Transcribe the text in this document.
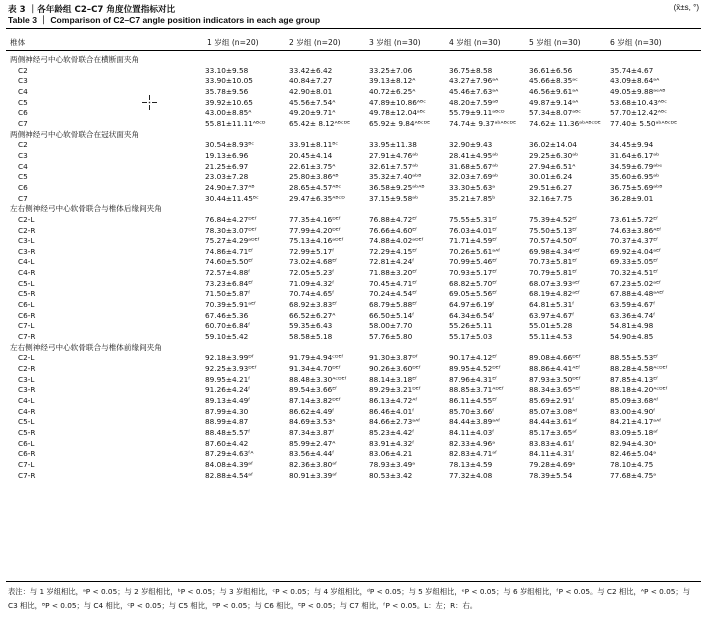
表 3 ｜各年龄组 C2–C7 角度位置指标对比
Table 3 ｜ Comparison of C2–C7 angle position indicators in each age group
(x̄±s, °)
椎体	1 岁组 (n=20)	2 岁组 (n=20)	3 岁组 (n=30)	4 岁组 (n=30)	5 岁组 (n=30)	6 岁组 (n=30)
两侧神经弓中心软骨联合在横断面夹角
C2	33.10±9.58	33.42±6.42	33.25±7.06	36.75±8.58	36.61±6.56	35.74±4.67
C3	33.90±10.05	40.84±7.27	39.13±8.12ᴬ	43.27±7.96ᵃᴬ	45.66±8.35ᵃᶜ	43.09±8.64ᵃᴬ
C4	35.78±9.56	42.90±8.01	40.72±6.25ᴬ	45.46±7.63ᵃᴬ	46.56±9.61ᵃᴬ	49.05±9.88ᵃᵉᴬᴮ
C5	39.92±10.65	45.56±7.54ᴬ	47.89±10.86ᴬᴮᶜ	48.20±7.59ᵃᴮ	49.87±9.14ᵃᴬ	53.68±10.43ᴬᴮᶜ
C6	43.00±8.85ᴬ	49.20±9.71ᴬ	49.78±12.04ᵃᴮᶜ	55.79±9.11ᵃᴮᶜᴰ	57.34±8.07ᵃᴮᶜ	57.70±12.42ᴬᴮᶜ
C7	55.81±11.11ᴬᴮᶜᴰ	65.42± 8.12ᴬᴮᶜᴰᴱ	65.92± 9.84ᴬᴮᶜᴰᴱ	74.74± 9.37ᵃᵇᴬᴮᶜᴰᴱ 74.62± 11.36ᵃᵇᴬᴮᶜᴰᴱ 77.40± 5.50ᵃᵇᴬᴮᶜᴰᴱ
两侧神经弓中心软骨联合在冠状面夹角
C2	30.54±8.93ᴮᶜ	33.91±8.11ᴮᶜ	33.95±11.38	32.90±9.43	36.02±14.04	34.45±9.94
C3	19.13±6.96	20.45±4.14	27.91±4.76ᵃᵇ	28.41±4.95ᵃᵇ	29.25±6.30ᵃᵇ	31.64±6.17ᵃᵇ
C4	21.25±6.97	22.61±3.75ᴬ	32.61±7.57ᵃᵇ	31.68±5.67ᵃᵇ	27.94±6.51ᴬ	34.59±6.79ᵃᵇᵉ
C5	23.03±7.28	25.80±3.86ᴬᴮ	35.32±7.40ᵃᵇᴮ	32.03±7.69ᵃᵇ	30.01±6.24	35.60±6.95ᵃᵇ
C6	24.90±7.37ᴬᴮ	28.65±4.57ᴬᴮᶜ	36.58±9.25ᵃᵇᴬᴮ	33.30±5.63ᵃ	29.51±6.27	36.75±5.69ᵃᵇᴮ
C7	30.44±11.45ᴮᶜ	29.47±6.35ᴬᴮᶜᴰ	37.15±9.58ᵃᵇ	35.21±7.85ᵇ	32.16±7.75	36.28±9.01
左右侧神经弓中心软骨联合与椎体后缘间夹角
C2-L	76.84±4.27ᴰᴱᶠ	77.35±4.16ᴰᴱᶠ	76.88±4.72ᴱᶠ	75.55±5.31ᴱᶠ	75.39±4.52ᴱᶠ	73.61±5.72ᴱᶠ
C2-R	78.30±3.07ᴰᴱᶠ	77.99±4.20ᴰᴱᶠ	76.66±4.60ᴱᶠ	76.03±4.01ᴱᶠ	75.50±5.13ᴱᶠ	74.63±3.86ᴬᴱᶠ
C3-L	75.27±4.29ᵃᴰᴱᶠ	75.13±4.16ᵃᴰᴱᶠ	74.88±4.02ᵃᴰᴱᶠ	71.71±4.59ᴱᶠ	70.57±4.50ᴱᶠ	70.37±4.37ᴱᶠ
C3-R	74.86±4.71ᴱᶠ	72.99±5.17ᶠ	72.29±4.15ᴱᶠ	70.26±5.61ᵃᴬᶠ	69.98±4.34ᵃᴱᶠ	69.92±4.04ᵃᴱᶠ
C4-L	74.60±5.50ᴱᶠ	73.02±4.68ᴱᶠ	72.81±4.24ᶠ	70.99±5.46ᴱᶠ	70.73±5.81ᴱᶠ	69.33±5.05ᴱᶠ
C4-R	72.57±4.88ᶠ	72.05±5.23ᶠ	71.88±3.20ᴱᶠ	70.93±5.17ᴱᶠ	70.79±5.81ᴱᶠ	70.32±4.51ᴱᶠ
C5-L	73.23±6.84ᴱᶠ	71.09±4.32ᶠ	70.45±4.71ᴱᶠ	68.82±5.70ᴱᶠ	68.07±3.93ᵃᴱᶠ	67.23±5.02ᵃᴱᶠ
C5-R	71.50±5.87ᶠ	70.74±4.65ᶠ	70.24±4.54ᴱᶠ	69.05±5.56ᴱᶠ	68.19±4.82ᵃᴱᶠ	67.88±4.48ᵃᴬᴱᶠ
C6-L	70.39±5.91ᵃᴱᶠ	68.92±3.83ᴱᶠ	68.79±5.88ᴱᶠ	64.97±6.19ᶠ	64.81±5.31ᶠ	63.59±4.67ᶠ
C6-R	67.46±5.36	66.52±6.27ᴬ	66.50±5.14ᶠ	64.34±6.54ᶠ	63.97±4.67ᶠ	63.36±4.74ᶠ
C7-L	60.70±6.84ᶠ	59.35±6.43	58.00±7.70	55.26±5.11	55.01±5.28	54.81±4.98
C7-R	59.10±5.42	58.58±5.18	57.76±5.80	55.17±5.03	55.11±4.53	54.90±4.85
左右侧神经弓中心软骨联合与椎体前缘间夹角
C2-L	92.18±3.99ᴰᶠ	91.79±4.94ᶜᴰᴱᶠ	91.30±3.87ᴰᶠ	90.17±4.12ᴱᶠ	89.08±4.66ᴰᴱᶠ	88.55±5.53ᴱᶠ
C2-R	92.25±3.93ᴰᴱᶠ	91.34±4.70ᴰᴱᶠ	90.26±3.60ᴰᴱᶠ	89.95±4.52ᴰᴱᶠ	88.86±4.41ᴬᴱᶠ	88.28±4.58ᴬᶜᴰᴱᶠ
C3-L	89.95±4.21ᶠ	88.48±3.30ᴬᶜᴰᴱᶠ	88.14±3.18ᴱᶠ	87.96±4.31ᴱᶠ	87.93±3.50ᴰᴱᶠ	87.85±4.13ᴱᶠ
C3-R	91.26±4.24ᶠ	89.54±3.66ᴱᶠ	89.29±3.21ᴰᴱᶠ	88.85±3.71ᴬᴰᴱᶠ	88.34±3.65ᴬᴱᶠ	88.18±4.20ᴬᶜᴰᴱᶠ
C4-L	89.13±4.49ᶠ	87.14±3.82ᴰᴱᶠ	86.13±4.72ᴬᶠ	86.11±4.55ᴱᶠ	85.69±2.91ᶠ	85.09±3.68ᴬᶠ
C4-R	87.99±4.30	86.62±4.49ᶠ	86.46±4.01ᶠ	85.70±3.66ᶠ	85.07±3.08ᴬᶠ	83.00±4.90ᶠ
C5-L	88.99±4.87	84.69±3.53ᴬ	84.66±2.73ᵃᴬᶠ	84.44±3.89ᵃᴬᶠ	84.44±3.61ᵃᶠ	84.21±4.17ᵃᴬᶠ
C5-R	88.48±5.57ᶠ	87.34±3.87ᶠ	85.23±4.42ᶠ	84.11±4.03ᶠ	85.17±3.65ᵃᶠ	83.09±5.18ᵃᶠ
C6-L	87.60±4.42	85.99±2.47ᴬ	83.91±4.32ᶠ	82.33±4.96ᵃ	83.83±4.61ᶠ	82.94±4.30ᵃ
C6-R	87.29±4.63ᶠᴬ	83.56±4.44ᶠ	83.06±4.21	82.83±4.71ᵃᶠ	84.11±4.31ᶠ	82.46±5.04ᵃ
C7-L	84.08±4.39ᵃᶠ	82.36±3.80ᵃᶠ	78.93±3.49ᵃ	78.13±4.59	79.28±4.69ᵃ	78.10±4.75
C7-R	82.88±4.54ᵃᶠ	80.91±3.39ᵃᶠ	80.53±3.42	77.32±4.08	78.39±5.54	77.68±4.75ᵃ
表注：与 1 岁组相比，ᵃP < 0.05；与 2 岁组相比，ᵇP < 0.05；与 3 岁组相比，ᶜP < 0.05；与 4 岁组相比，ᵈP < 0.05；与 5 岁组相比，ᵉP < 0.05；与 6 岁组相比，ᶠP < 0.05。与 C2 相比，ᴬP < 0.05；与 C3 相比，ᴮP < 0.05；与 C4 相比，ᶜP < 0.05；与 C5 相比，ᴰP < 0.05；与 C6 相比，ᴱP < 0.05；与 C7 相比，ᶠP < 0.05。L：左；R：右。
